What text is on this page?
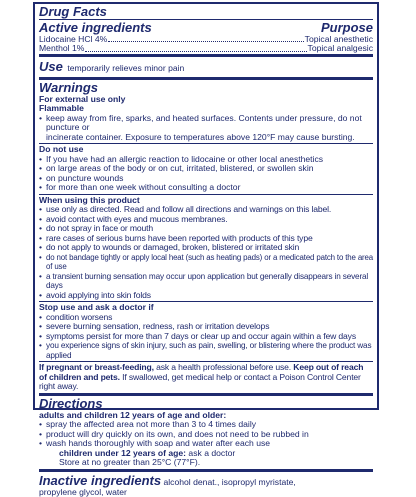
Drug Facts
Active ingredients	Purpose
Lidocaine HCl 4%	Topical anesthetic
Menthol 1%	Topical analgesic
Use temporarily relieves minor pain
Warnings
For external use only
Flammable
• keep away from fire, sparks, and heated surfaces. Contents under pressure, do not puncture or
incinerate container. Exposure to temperatures above 120°F may cause bursting.
Do not use
• If you have had an allergic reaction to lidocaine or other local anesthetics
• on large areas of the body or on cut, irritated, blistered, or swollen skin
• on puncture wounds
• for more than one week without consulting a doctor
When using this product
• use only as directed. Read and follow all directions and warnings on this label.
• avoid contact with eyes and mucous membranes.
• do not spray in face or mouth
• rare cases of serious burns have been reported with products of this type
• do not apply to wounds or damaged, broken, blistered or irritated skin
• do not bandage tightly or apply local heat (such as heating pads) or a medicated patch to the area of use
• a transient burning sensation may occur upon application but generally disappears in several days
• avoid applying into skin folds
Stop use and ask a doctor if
• condition worsens
• severe burning sensation, redness, rash or irritation develops
• symptoms persist for more than 7 days or clear up and occur again within a few days
• you experience signs of skin injury, such as pain, swelling, or blistering where the product was applied
If pregnant or breast-feeding, ask a health professional before use. Keep out of reach of children and pets. If swallowed, get medical help or contact a Poison Control Center right away.
Directions
adults and children 12 years of age and older:
• spray the affected area not more than 3 to 4 times daily
• product will dry quickly on its own, and does not need to be rubbed in
• wash hands thoroughly with soap and water after each use
children under 12 years of age: ask a doctor
Store at no greater than 25°C (77°F).
Inactive ingredients alcohol denat., isopropyl myristate,
propylene glycol, water
